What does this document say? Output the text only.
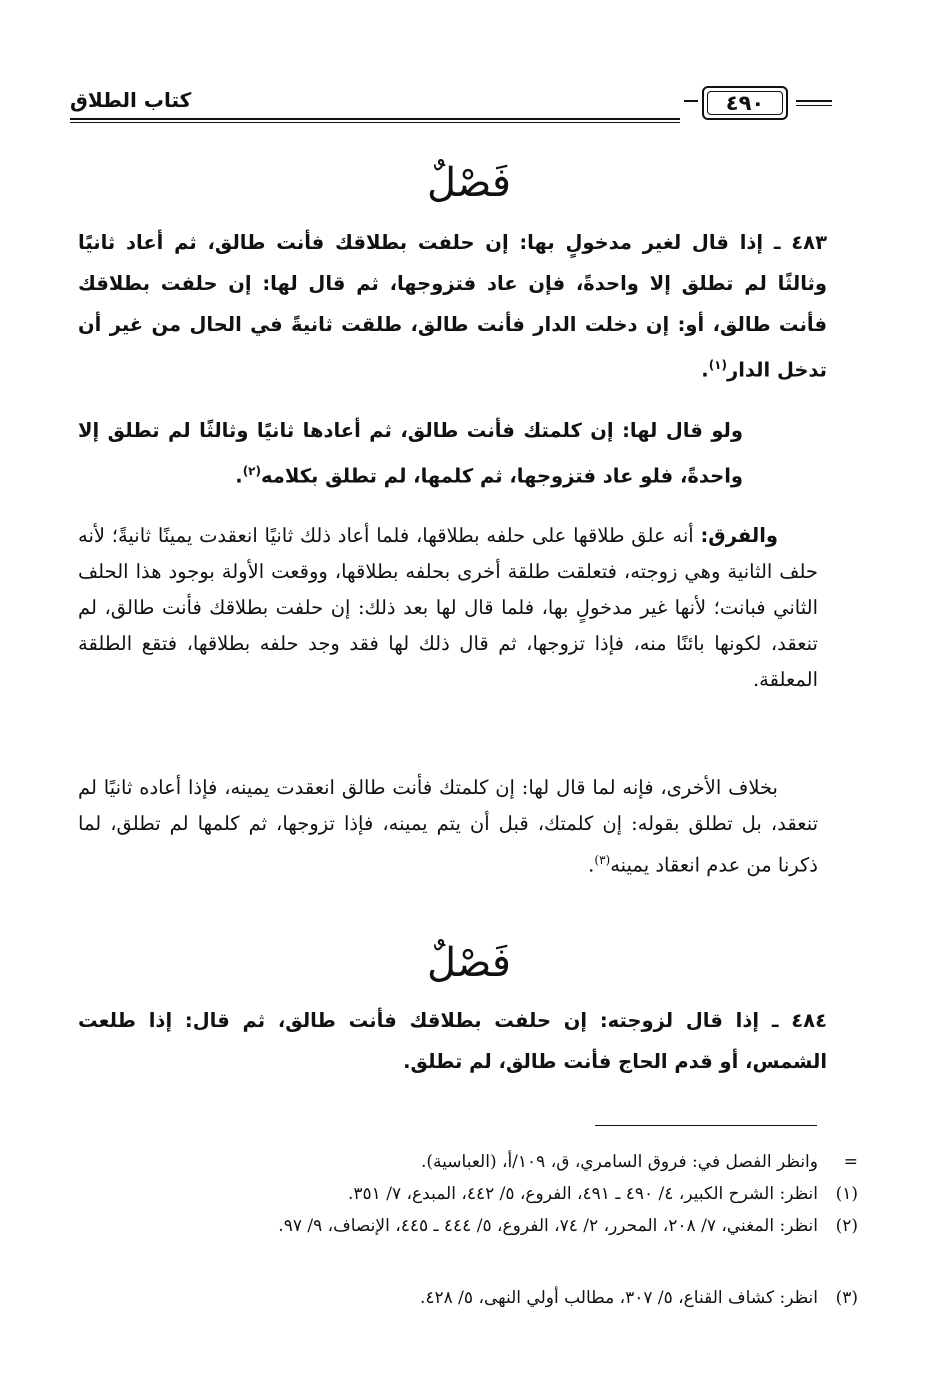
كتاب الطلاق	٤٩٠
فَصْلٌ
٤٨٣ ـ إذا قال لغير مدخولٍ بها: إن حلفت بطلاقك فأنت طالق، ثم أعاد ثانيًا وثالثًا لم تطلق إلا واحدةً، فإن عاد فتزوجها، ثم قال لها: إن حلفت بطلاقك فأنت طالق، أو: إن دخلت الدار فأنت طالق، طلقت ثانيةً في الحال من غير أن تدخل الدار$^{(١)}$.
ولو قال لها: إن كلمتك فأنت طالق، ثم أعادها ثانيًا وثالثًا لم تطلق إلا واحدةً، فلو عاد فتزوجها، ثم كلمها، لم تطلق بكلامه$^{(٢)}$.
والفرق: أنه علق طلاقها على حلفه بطلاقها، فلما أعاد ذلك ثانيًا انعقدت يمينًا ثانيةً؛ لأنه حلف الثانية وهي زوجته، فتعلقت طلقة أخرى بحلفه بطلاقها، ووقعت الأولة بوجود هذا الحلف الثاني فبانت؛ لأنها غير مدخولٍ بها، فلما قال لها بعد ذلك: إن حلفت بطلاقك فأنت طالق، لم تنعقد، لكونها بائنًا منه، فإذا تزوجها، ثم قال ذلك لها فقد وجد حلفه بطلاقها، فتقع الطلقة المعلقة.
بخلاف الأخرى، فإنه لما قال لها: إن كلمتك فأنت طالق انعقدت يمينه، فإذا أعاده ثانيًا لم تنعقد، بل تطلق بقوله: إن كلمتك، قبل أن يتم يمينه، فإذا تزوجها، ثم كلمها لم تطلق، لما ذكرنا من عدم انعقاد يمينه$^{(٣)}$.
فَصْلٌ
٤٨٤ ـ إذا قال لزوجته: إن حلفت بطلاقك فأنت طالق، ثم قال: إذا طلعت الشمس، أو قدم الحاج فأنت طالق، لم تطلق.
=
وانظر الفصل في: فروق السامري، ق، ١٠٩/أ، (العباسية).
(١)
انظر: الشرح الكبير، ٤/ ٤٩٠ ـ ٤٩١، الفروع، ٥/ ٤٤٢، المبدع، ٧/ ٣٥١.
(٢)
انظر: المغني، ٧/ ٢٠٨، المحرر، ٢/ ٧٤، الفروع، ٥/ ٤٤٤ ـ ٤٤٥، الإنصاف، ٩/ ٩٧.
(٣)
انظر: كشاف القناع، ٥/ ٣٠٧، مطالب أولي النهى، ٥/ ٤٢٨.
